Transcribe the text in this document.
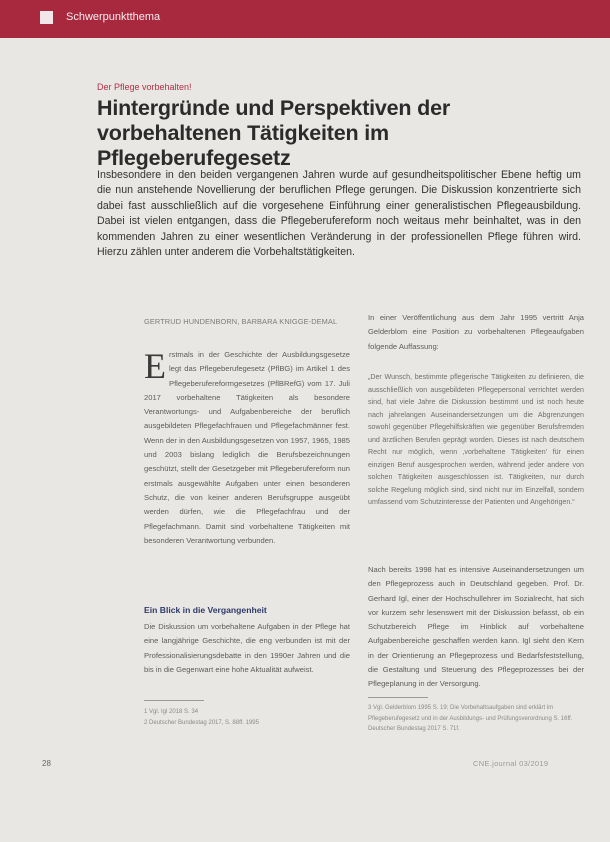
Schwerpunktthema
Der Pflege vorbehalten!
Hintergründe und Perspektiven der vorbehaltenen Tätigkeiten im Pflegeberufegesetz

Insbesondere in den beiden vergangenen Jahren wurde auf gesundheitspolitischer Ebene heftig um die nun anstehende Novellierung der beruflichen Pflege gerungen. Die Diskussion konzentrierte sich dabei fast ausschließlich auf die vorgesehene Einführung einer generalistischen Pflegeausbildung. Dabei ist vielen entgangen, dass die Pflegeberufereform noch weitaus mehr beinhaltet, was in den kommenden Jahren zu einer wesentlichen Veränderung in der professionellen Pflege führen wird. Hierzu zählen unter anderem die Vorbehaltstätigkeiten.

GERTRUD HUNDENBORN, BARBARA KNIGGE-DEMAL
Erstmals in der Geschichte der Ausbildungsgesetze legt das Pflegeberufegesetz (PflBG) im Artikel 1 des Pflegeberufereformgesetzes (PflBRefG) vom 17. Juli 2017 vorbehaltene Tätigkeiten als besondere Verantwortungs- und Aufgabenbereiche der beruflich ausgebildeten Pflegefachfrauen und Pflegefachmänner fest. Wenn der in den Ausbildungsgesetzen von 1957, 1965, 1985 und 2003 bislang lediglich die Berufsbezeichnungen geschützt, stellt der Gesetzgeber mit Pflegeberufereform nun erstmals ausgewählte Aufgaben unter einen besonderen Schutz, die von keiner anderen Berufsgruppe ausgeübt werden dürfen, wie die Pflegefachfrau und der Pflegefachmann. Damit sind vorbehaltene Tätigkeiten mit besonderen Verantwortung verbunden.
Ein Blick in die Vergangenheit
Die Diskussion um vorbehaltene Aufgaben in der Pflege hat eine langjährige Geschichte, die eng verbunden ist mit der Professionalisierungsdebatte in den 1990er Jahren und die bis in die Gegenwart eine hohe Aktualität aufweist.
1 Vgl. Igl 2018 S. 34
2 Deutscher Bundestag 2017, S. 88ff. 1995
In einer Veröffentlichung aus dem Jahr 1995 vertritt Anja Gelderblom eine Position zu vorbehaltenen Pflegeaufgaben folgende Auffassung:
„Der Wunsch, bestimmte pflegerische Tätigkeiten zu definieren, die ausschließlich von ausgebildeten Pflegepersonal verrichtet werden sind, hat viele Jahre die Diskussion bestimmt und ist noch heute nach jahrelangen Auseinandersetzungen um die Abgrenzungen sowohl gegenüber Pflegehilfskräften wie gegenüber Berufsfremden und ärztlichen Berufen geprägt worden. Dieses ist nach deutschem Recht nur möglich, wenn ‚vorbehaltene Tätigkeiten' für einen einzigen Beruf ausgesprochen werden, während jeder andere von solchen Tätigkeiten ausgeschlossen ist. Tätigkeiten, nur durch solche Regelung möglich sind, sind nicht nur im Einzelfall, sondern umfassend vom Schutzinteresse der Patienten und Angehörigen.“
Nach bereits 1998 hat es intensive Auseinandersetzungen um den Pflegeprozess auch in Deutschland gegeben. Prof. Dr. Gerhard Igl, einer der Hochschullehrer im Sozialrecht, hat sich vor kurzem sehr lesenswert mit der Diskussion befasst, ob ein Schutzbereich Pflege im Hinblick auf vorbehaltene Aufgabenbereiche geschaffen werden kann. Igl sieht den Kern in der Orientierung an Pflegeprozess und Bedarfsfeststellung, die Gestaltung und Steuerung des Pflegeprozesses bei der Pflegeplanung in der Versorgung.
3 Vgl. Gelderblom 1995 S. 19; Die Vorbehaltsaufgaben sind erklärt im Pflegeberufegesetz und in der Ausbildungs- und Prüfungsverordnung S. 16ff.
Deutscher Bundestag 2017 S. 71f.
28	CNE.journal 03/2019
